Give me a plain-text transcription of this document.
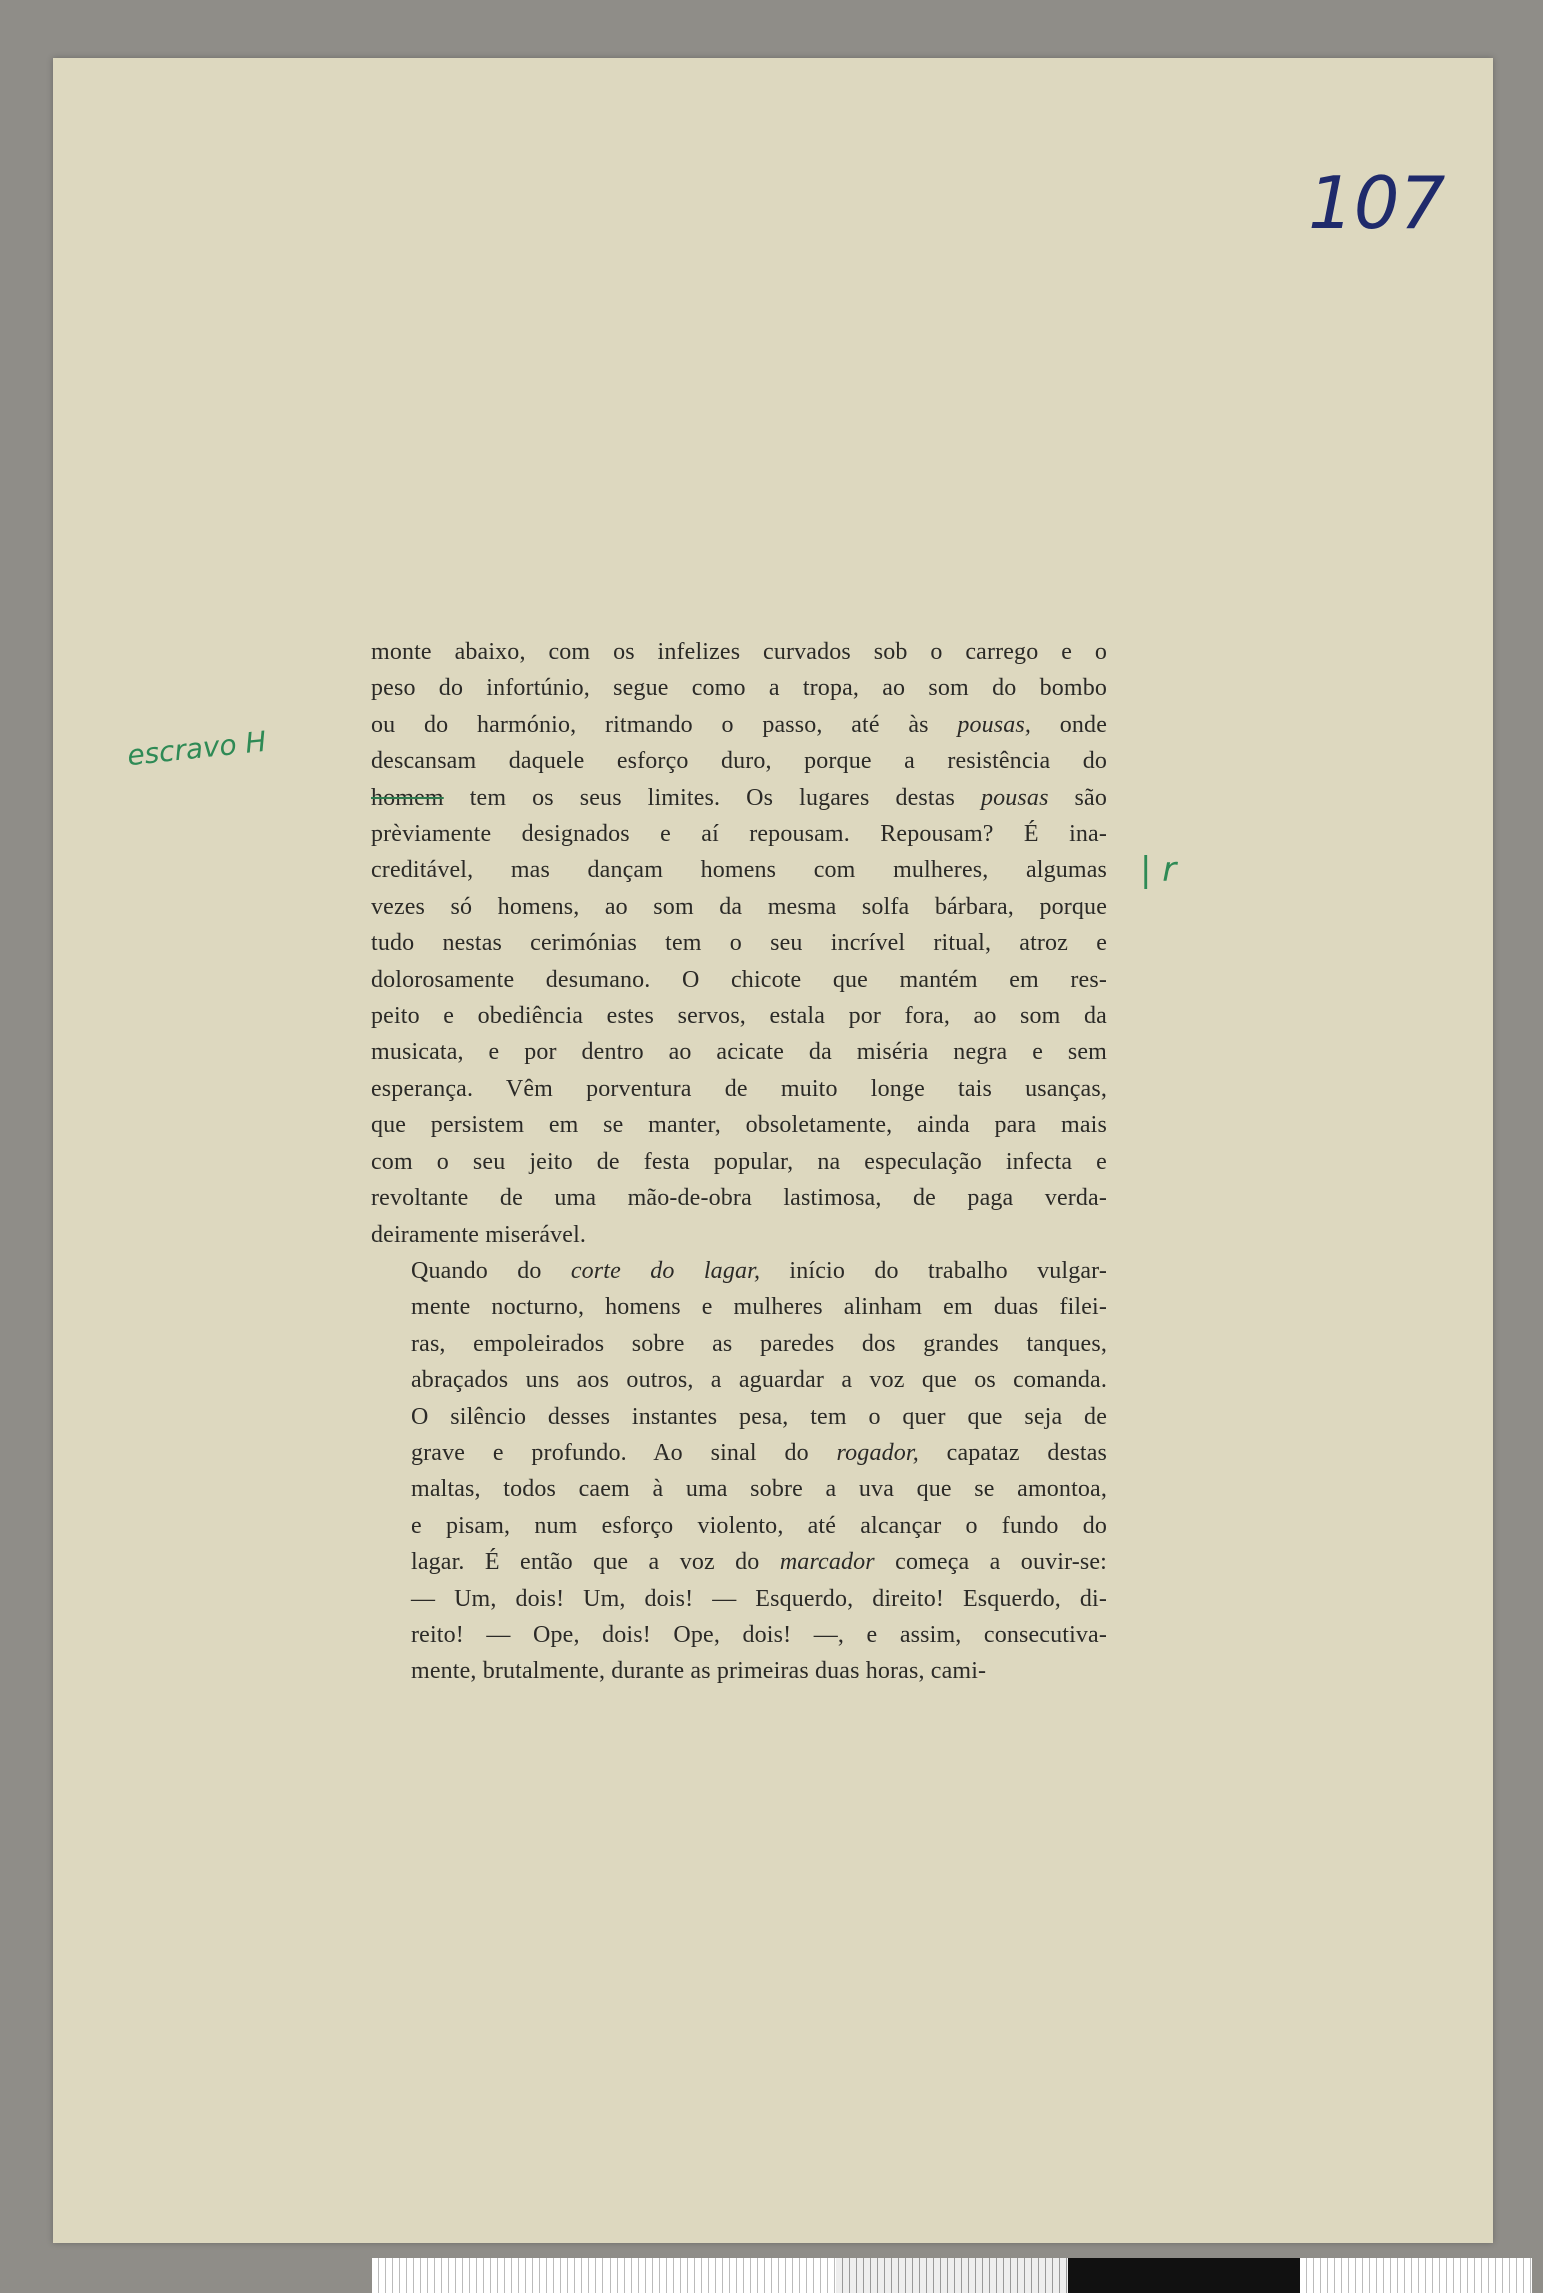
107

monte abaixo, com os infelizes curvados sob o carrego e o
peso do infortúnio, segue como a tropa, ao som do bombo
ou do harmónio, ritmando o passo, até às pousas, onde
descansam daquele esforço duro, porque a resistência do
homem tem os seus limites. Os lugares destas pousas são
prèviamente designados e aí repousam. Repousam? É ina-
creditável, mas dançam homens com mulheres, algumas
vezes só homens, ao som da mesma solfa bárbara, porque
tudo nestas cerimónias tem o seu incrível ritual, atroz e
dolorosamente desumano. O chicote que mantém em res-
peito e obediência estes servos, estala por fora, ao som da
musicata, e por dentro ao acicate da miséria negra e sem
esperança. Vêm porventura de muito longe tais usanças,
que persistem em se manter, obsoletamente, ainda para mais
com o seu jeito de festa popular, na especulação infecta e
revoltante de uma mão-de-obra lastimosa, de paga verda-
deiramente miserável.

Quando do corte do lagar, início do trabalho vulgar-
mente nocturno, homens e mulheres alinham em duas filei-
ras, empoleirados sobre as paredes dos grandes tanques,
abraçados uns aos outros, a aguardar a voz que os comanda.
O silêncio desses instantes pesa, tem o quer que seja de
grave e profundo. Ao sinal do rogador, capataz destas
maltas, todos caem à uma sobre a uva que se amontoa,
e pisam, num esforço violento, até alcançar o fundo do
lagar. É então que a voz do marcador começa a ouvir-se:
— Um, dois! Um, dois! — Esquerdo, direito! Esquerdo, di-
reito! — Ope, dois! Ope, dois! —, e assim, consecutiva-
mente, brutalmente, durante as primeiras duas horas, cami-

escravo H
| r
